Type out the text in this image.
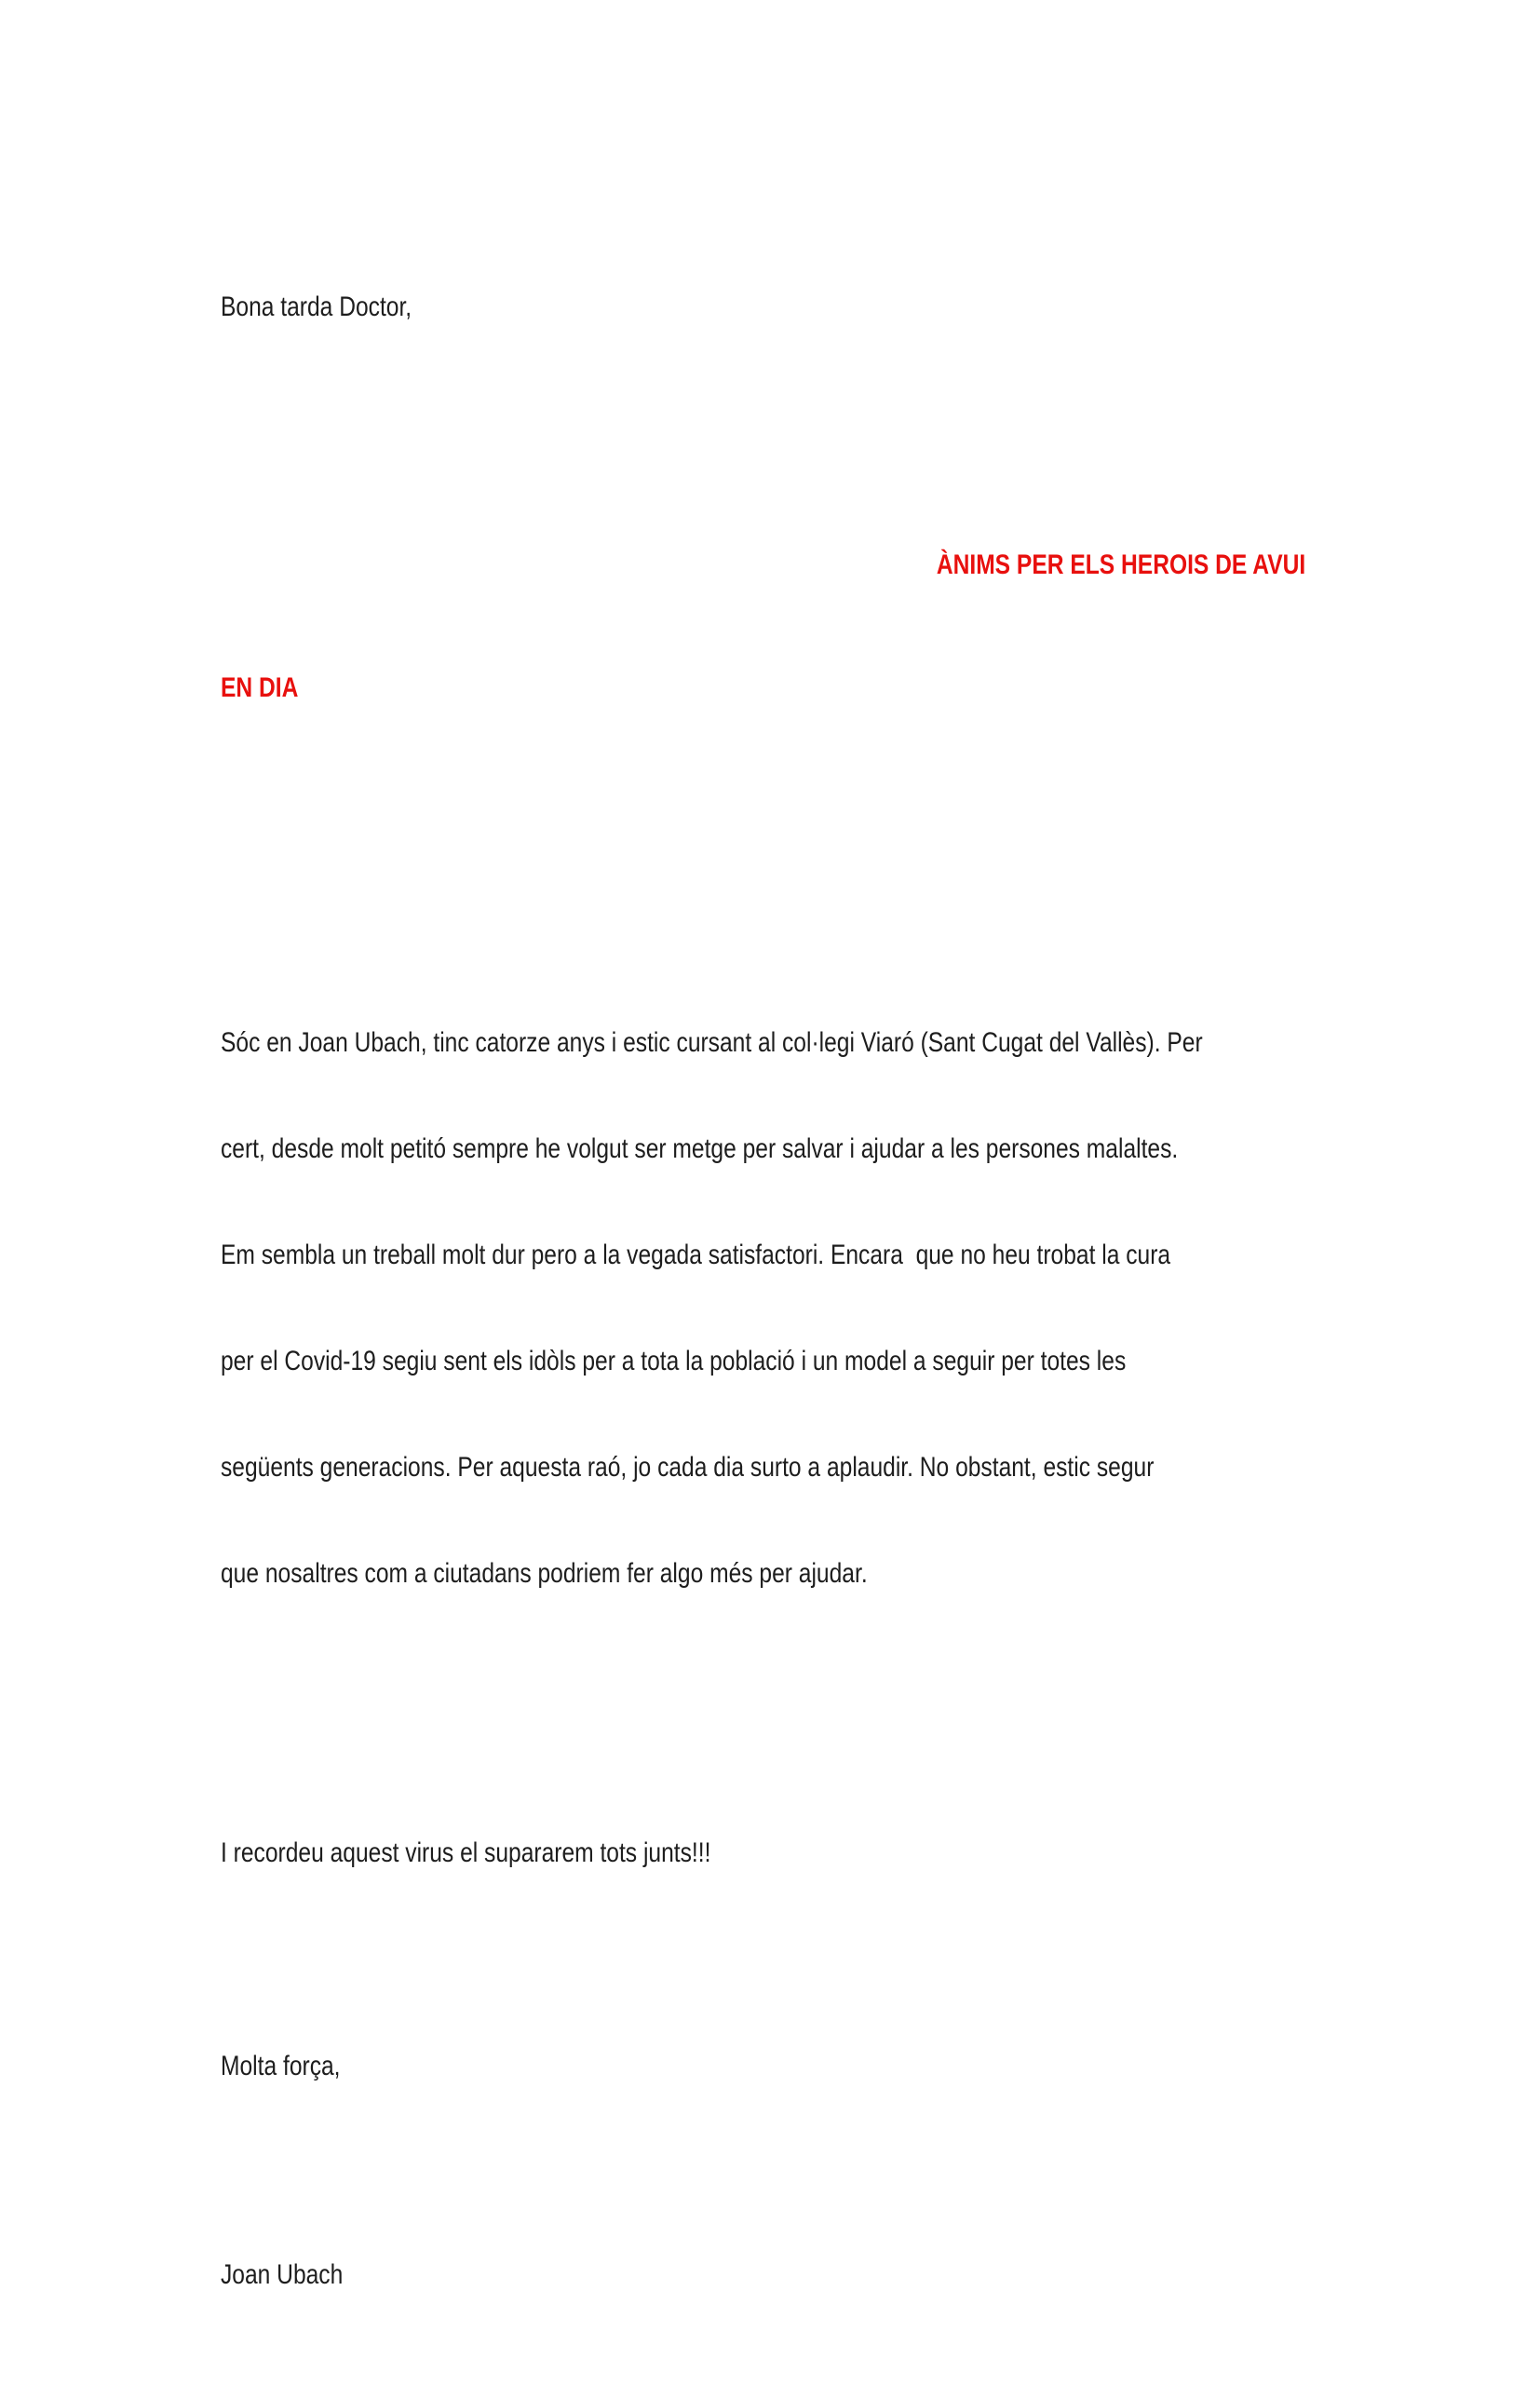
Bona tarda Doctor,

ÀNIMS PER ELS HEROIS DE AVUI

EN DIA

Sóc en Joan Ubach, tinc catorze anys i estic cursant al col·legi Viaró (Sant Cugat del Vallès). Per

cert, desde molt petitó sempre he volgut ser metge per salvar i ajudar a les persones malaltes.

Em sembla un treball molt dur pero a la vegada satisfactori. Encara  que no heu trobat la cura

per el Covid-19 segiu sent els idòls per a tota la població i un model a seguir per totes les

següents generacions. Per aquesta raó, jo cada dia surto a aplaudir. No obstant, estic segur

que nosaltres com a ciutadans podriem fer algo més per ajudar.

I recordeu aquest virus el supararem tots junts!!!

Molta força,

Joan Ubach
